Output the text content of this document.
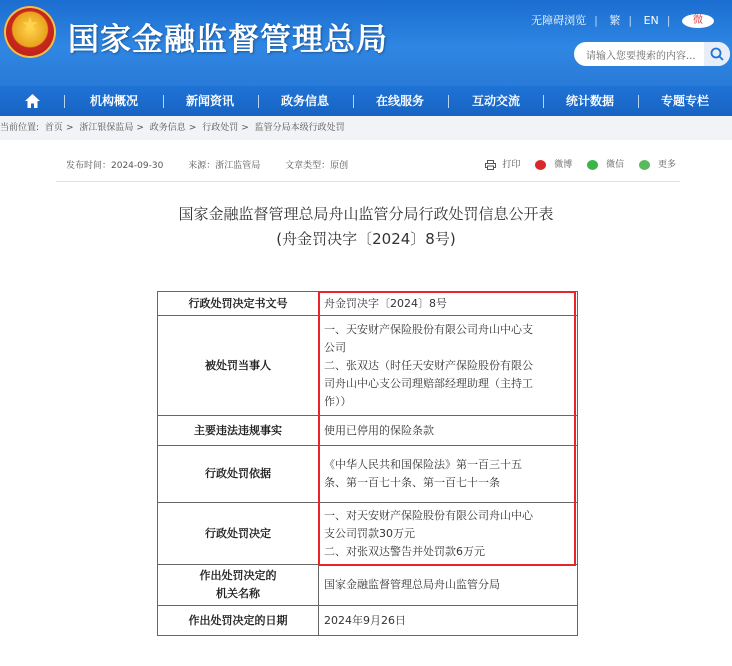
★ 国家金融监督管理总局
无障碍浏览 | 繁 | EN | 微
请输入您要搜索的内容...
机构概况	新闻资讯	政务信息	在线服务	互动交流	统计数据	专题专栏
当前位置: 首页 > 浙江银保监局 > 政务信息 > 行政处罚 > 监管分局本级行政处罚
发布时间：2024-09-30	来源：浙江监管局	文章类型：原创	打印	微博	微信	更多
国家金融监督管理总局舟山监管分局行政处罚信息公开表
(舟金罚决字〔2024〕8号)
行政处罚决定书文号	舟金罚决字〔2024〕8号

被处罚当事人	一、天安财产保险股份有限公司舟山中心支
公司
二、张双达（时任天安财产保险股份有限公
司舟山中心支公司理赔部经理助理（主持工
作））

主要违法违规事实	使用已停用的保险条款

行政处罚依据	《中华人民共和国保险法》第一百三十五
条、第一百七十条、第一百七十一条

行政处罚决定	一、对天安财产保险股份有限公司舟山中心
支公司罚款30万元
二、对张双达警告并处罚款6万元

作出处罚决定的
机关名称	国家金融监督管理总局舟山监管分局

作出处罚决定的日期	2024年9月26日
